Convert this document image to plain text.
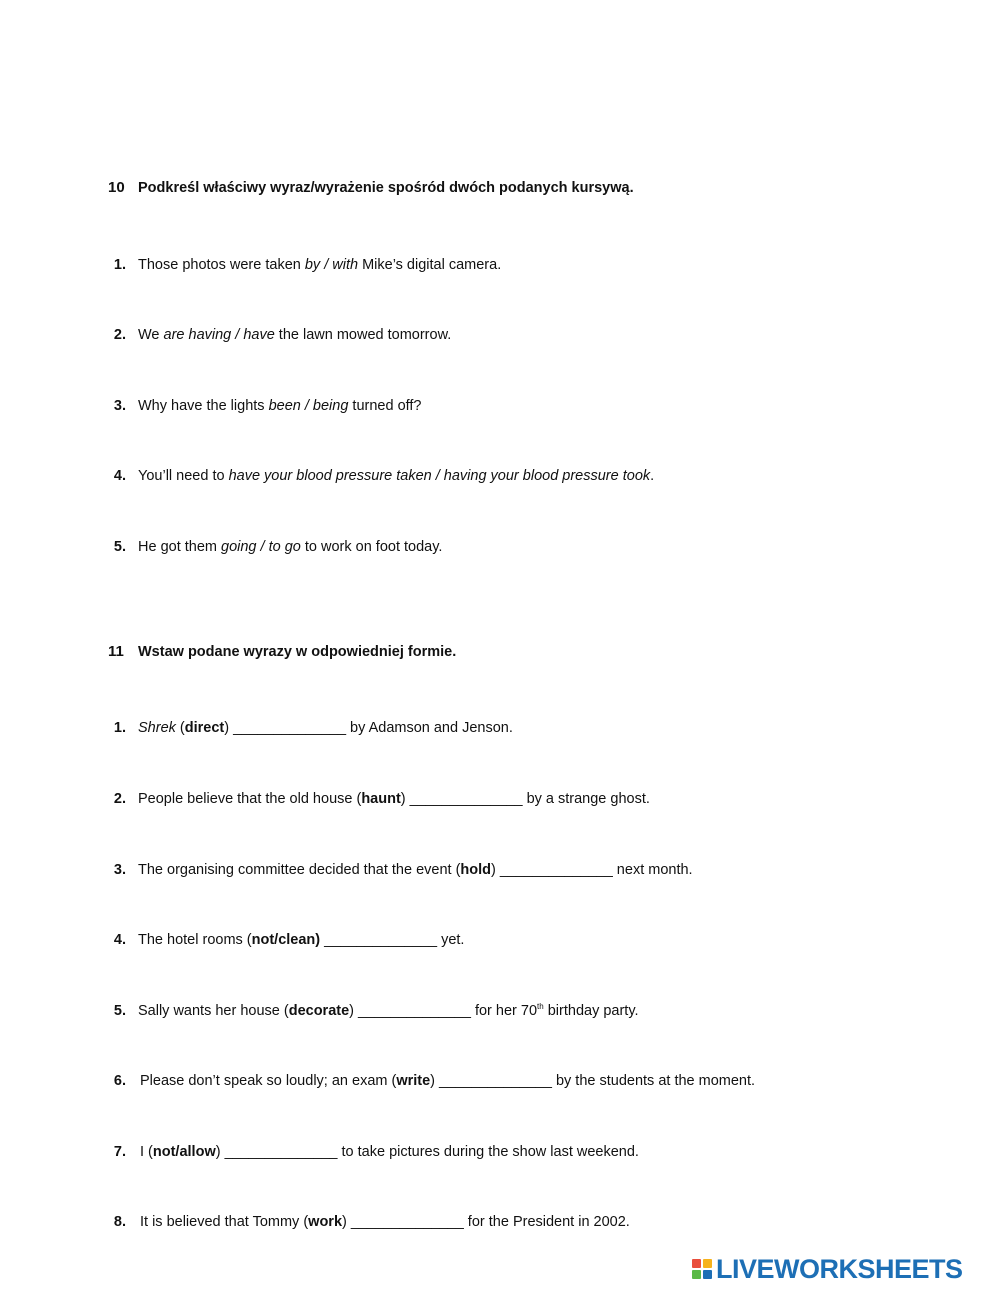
10 Podkreśl właściwy wyraz/wyrażenie spośród dwóch podanych kursywą.
1. Those photos were taken by / with Mike’s digital camera.
2. We are having / have the lawn mowed tomorrow.
3. Why have the lights been / being turned off?
4. You’ll need to have your blood pressure taken / having your blood pressure took.
5. He got them going / to go to work on foot today.
11 Wstaw podane wyrazy w odpowiedniej formie.
1. Shrek (direct) ______________ by Adamson and Jenson.
2. People believe that the old house (haunt) ______________ by a strange ghost.
3. The organising committee decided that the event (hold) ______________ next month.
4. The hotel rooms (not/clean) ______________ yet.
5. Sally wants her house (decorate) ______________ for her 70th birthday party.
6. Please don’t speak so loudly; an exam (write) ______________ by the students at the moment.
7. I (not/allow) ______________ to take pictures during the show last weekend.
8. It is believed that Tommy (work) ______________ for the President in 2002.
LIVEWORKSHEETS
